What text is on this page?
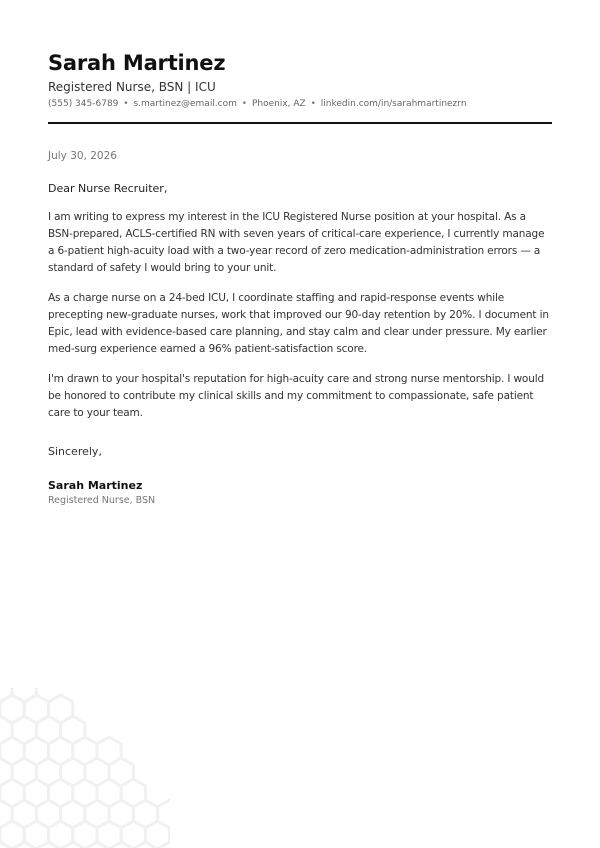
Sarah Martinez
Registered Nurse, BSN | ICU
(555) 345-6789 • s.martinez@email.com • Phoenix, AZ • linkedin.com/in/sarahmartinezrn
July 30, 2026
Dear Nurse Recruiter,

I am writing to express my interest in the ICU Registered Nurse position at your hospital. As a BSN-prepared, ACLS-certified RN with seven years of critical-care experience, I currently manage a 6-patient high-acuity load with a two-year record of zero medication-administration errors — a standard of safety I would bring to your unit.

As a charge nurse on a 24-bed ICU, I coordinate staffing and rapid-response events while precepting new-graduate nurses, work that improved our 90-day retention by 20%. I document in Epic, lead with evidence-based care planning, and stay calm and clear under pressure. My earlier med-surg experience earned a 96% patient-satisfaction score.

I'm drawn to your hospital's reputation for high-acuity care and strong nurse mentorship. I would be honored to contribute my clinical skills and my commitment to compassionate, safe patient care to your team.

Sincerely,
Sarah Martinez
Registered Nurse, BSN
